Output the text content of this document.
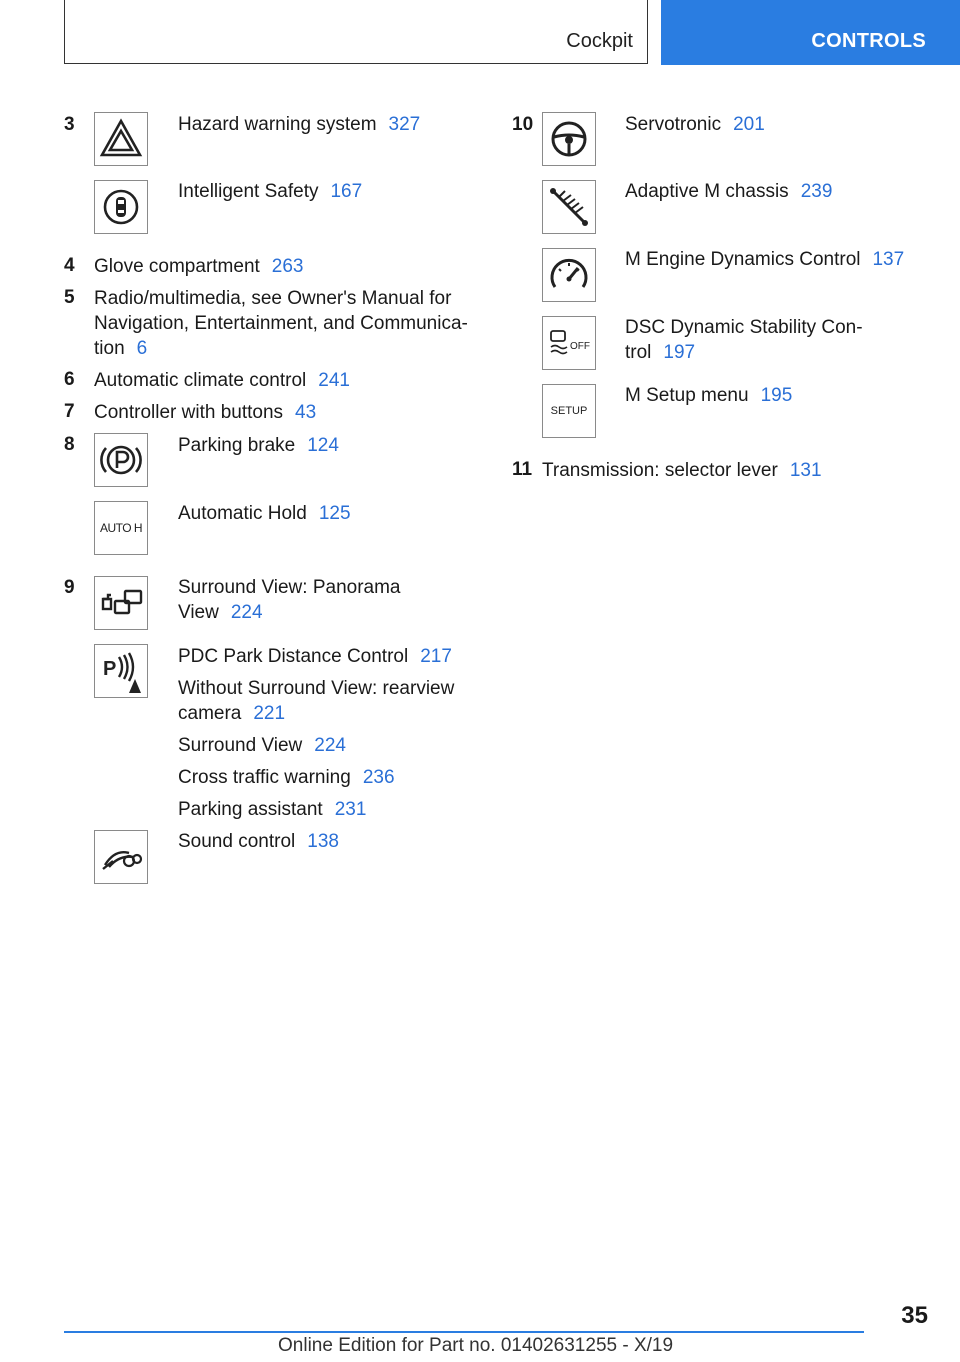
Cockpit	CONTROLS
3	Hazard warning system 327
Intelligent Safety 167
4 Glove compartment 263
5 Radio/multimedia, see Owner's Manual for
Navigation, Entertainment, and Communica-
tion 6
6 Automatic climate control 241
7 Controller with buttons 43
8	Parking brake 124
AUTO H
Automatic Hold 125
9	Surround View: Panorama
View 224
P
PDC Park Distance Control 217
Without Surround View: rearview
camera 221
Surround View 224
Cross traffic warning 236
Parking assistant 231
Sound control 138
10	Servotronic 201
Adaptive M chassis 239
M Engine Dynamics Control 137
OFF
DSC Dynamic Stability Con-
trol 197
SETUP
M Setup menu 195
11 Transmission: selector lever 131
35
Online Edition for Part no. 01402631255 - X/19
